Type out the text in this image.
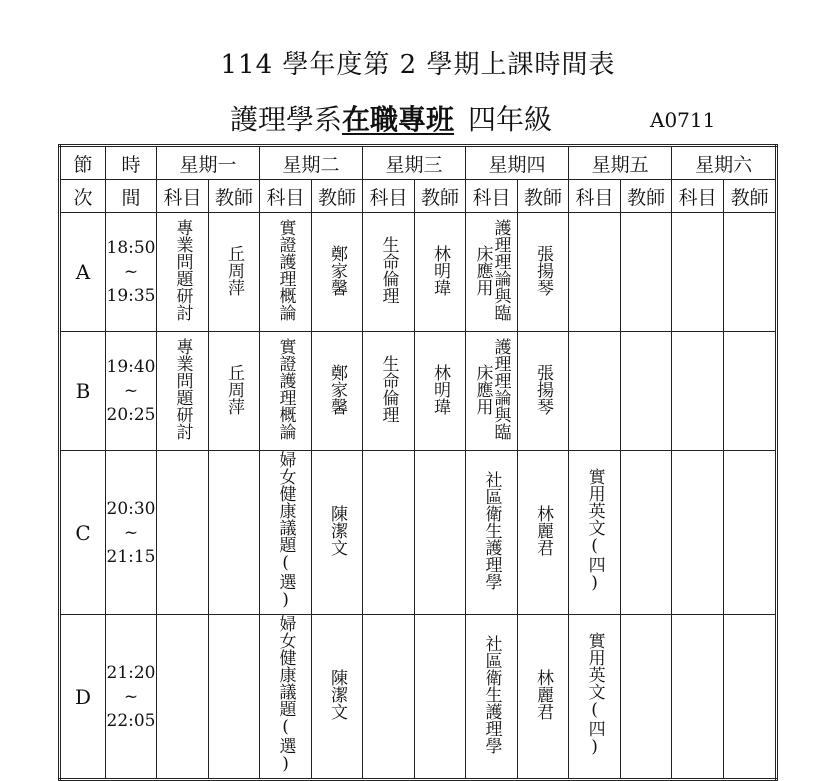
114 學年度第 2 學期上課時間表
護理學系在職專班 四年級	A0711
節	時	星期一		星期二		星期三		星期四		星期五		星期六	
次	間	科目	教師	科目	教師	科目	教師	科目	教師	科目	教師	科目	教師
A	18:50
~
19:35	專業問題研討	丘周萍	實證護理概論	鄭家馨	生命倫理	林明瑋	護理理論與臨床應用	張揚琴				
B	19:40
~
20:25	專業問題研討	丘周萍	實證護理概論	鄭家馨	生命倫理	林明瑋	護理理論與臨床應用	張揚琴				
C	20:30
~
21:15			婦女健康議題(選)	陳潔文			社區衛生護理學	林麗君	實用英文(四)			
D	21:20
~
22:05			婦女健康議題(選)	陳潔文			社區衛生護理學	林麗君	實用英文(四)			
